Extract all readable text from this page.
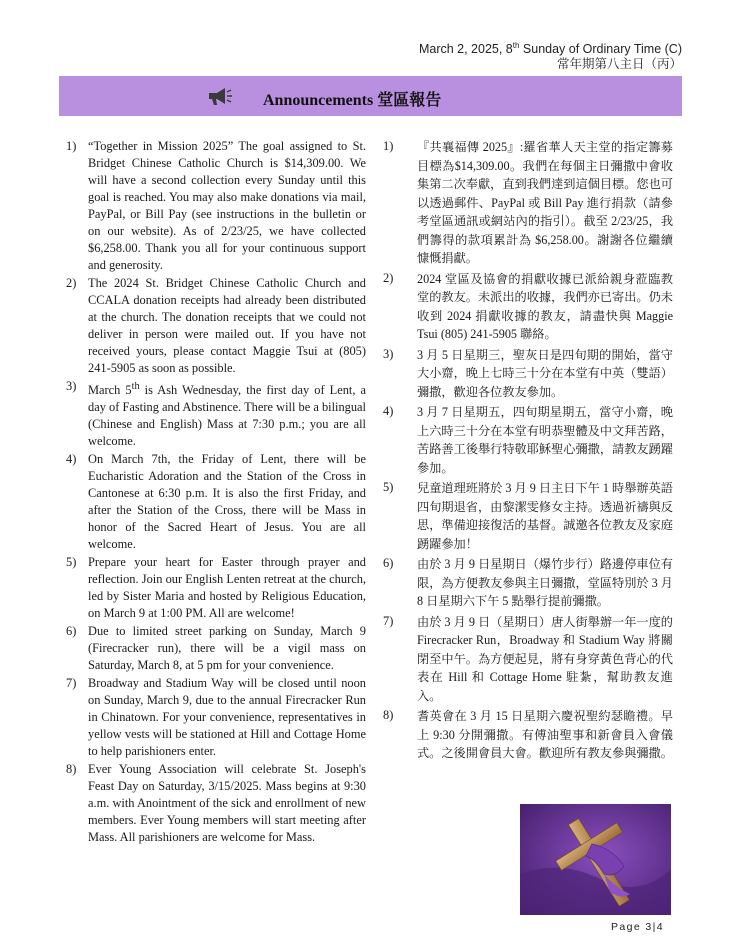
March 2, 2025, 8th Sunday of Ordinary Time (C)
常年期第八主日（丙）
Announcements 堂區報告
1) “Together in Mission 2025” The goal assigned to St. Bridget Chinese Catholic Church is $14,309.00. We will have a second collection every Sunday until this goal is reached. You may also make donations via mail, PayPal, or Bill Pay (see instructions in the bulletin or on our website). As of 2/23/25, we have collected $6,258.00. Thank you all for your continuous support and generosity.
2) The 2024 St. Bridget Chinese Catholic Church and CCALA donation receipts had already been distributed at the church. The donation receipts that we could not deliver in person were mailed out. If you have not received yours, please contact Maggie Tsui at (805) 241-5905 as soon as possible.
3) March 5th is Ash Wednesday, the first day of Lent, a day of Fasting and Abstinence. There will be a bilingual (Chinese and English) Mass at 7:30 p.m.; you are all welcome.
4) On March 7th, the Friday of Lent, there will be Eucharistic Adoration and the Station of the Cross in Cantonese at 6:30 p.m. It is also the first Friday, and after the Station of the Cross, there will be Mass in honor of the Sacred Heart of Jesus. You are all welcome.
5) Prepare your heart for Easter through prayer and reflection. Join our English Lenten retreat at the church, led by Sister Maria and hosted by Religious Education, on March 9 at 1:00 PM. All are welcome!
6) Due to limited street parking on Sunday, March 9 (Firecracker run), there will be a vigil mass on Saturday, March 8, at 5 pm for your convenience.
7) Broadway and Stadium Way will be closed until noon on Sunday, March 9, due to the annual Firecracker Run in Chinatown. For your convenience, representatives in yellow vests will be stationed at Hill and Cottage Home to help parishioners enter.
8) Ever Young Association will celebrate St. Joseph's Feast Day on Saturday, 3/15/2025. Mass begins at 9:30 a.m. with Anointment of the sick and enrollment of new members. Ever Young members will start meeting after Mass. All parishioners are welcome for Mass.
1)	『共襄福傳 2025』:羅省華人天主堂的指定籌募目標為$14,309.00。我們在每個主日彌撒中會收集第二次奉獻，直到我們達到這個目標。您也可以透過郵件、PayPal 或 Bill Pay 進行捐款（請參考堂區通訊或網站內的指引）。截至 2/23/25，我們籌得的款項累計為 $6,258.00。謝謝各位繼續慷慨捐獻。
2)	2024 堂區及協會的捐獻收據已派給親身蒞臨教堂的教友。未派出的收據，我們亦已寄出。仍未收到 2024 捐獻收據的教友，請盡快與 Maggie Tsui (805) 241-5905 聯絡。
3)	3 月 5 日星期三，聖灰日是四旬期的開始，當守大小齋，晚上七時三十分在本堂有中英（雙語）彌撒，歡迎各位教友參加。
4)	3 月 7 日星期五，四旬期星期五，當守小齋，晚上六時三十分在本堂有明恭聖體及中文拜苦路，苦路善工後舉行特敬耶穌聖心彌撒，請教友踴躍參加。
5)	兒童道理班將於 3 月 9 日主日下午 1 時舉辦英語四旬期退省，由黎潔雯修女主持。透過祈禱與反思，準備迎接復活的基督。誠邀各位教友及家庭踴躍參加！
6)	由於 3 月 9 日星期日（爆竹步行）路邊停車位有限，為方便教友參與主日彌撒，堂區特別於 3 月 8 日星期六下午 5 點舉行提前彌撒。
7)	由於 3 月 9 日（星期日）唐人街舉辦一年一度的 Firecracker Run，Broadway 和 Stadium Way 將關閉至中午。為方便起見，將有身穿黃色背心的代表在 Hill 和 Cottage Home 駐紮，幫助教友進入。
8)	耆英會在 3 月 15 日星期六慶祝聖約瑟瞻禮。早上 9:30 分開彌撒。有傅油聖事和新會員入會儀式。之後開會員大會。歡迎所有教友參與彌撒。
Page 3|4
